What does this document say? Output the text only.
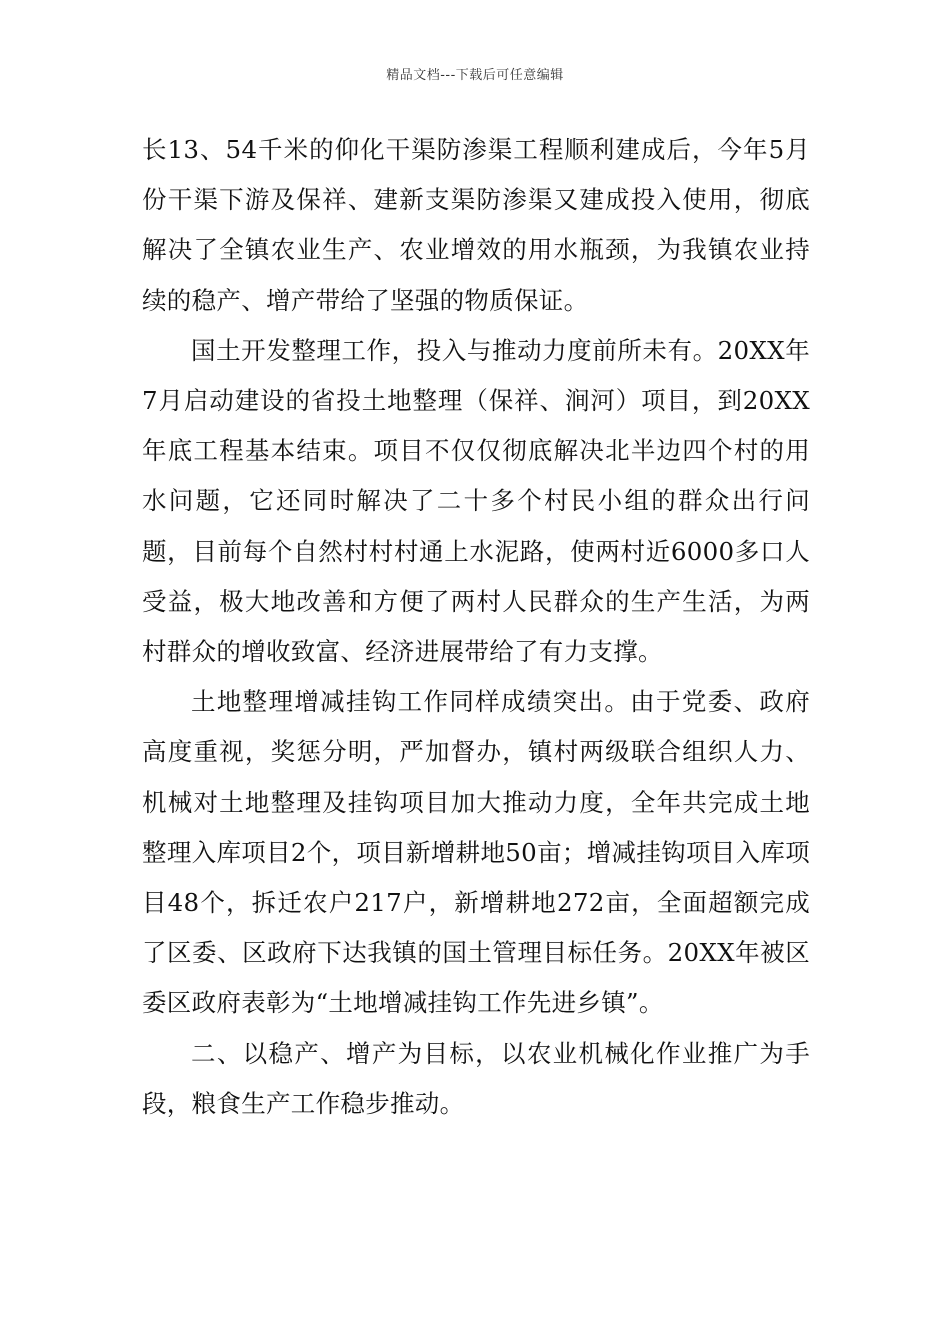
精品文档---下载后可任意编辑

长13、54千米的仰化干渠防渗渠工程顺利建成后，今年5月份干渠下游及保祥、建新支渠防渗渠又建成投入使用，彻底解决了全镇农业生产、农业增效的用水瓶颈，为我镇农业持续的稳产、增产带给了坚强的物质保证。

国土开发整理工作，投入与推动力度前所未有。20XX年7月启动建设的省投土地整理（保祥、涧河）项目，到20XX年底工程基本结束。项目不仅仅彻底解决北半边四个村的用水问题，它还同时解决了二十多个村民小组的群众出行问题，目前每个自然村村村通上水泥路，使两村近6000多口人受益，极大地改善和方便了两村人民群众的生产生活，为两村群众的增收致富、经济进展带给了有力支撑。

土地整理增减挂钩工作同样成绩突出。由于党委、政府高度重视，奖惩分明，严加督办，镇村两级联合组织人力、机械对土地整理及挂钩项目加大推动力度，全年共完成土地整理入库项目2个，项目新增耕地50亩；增减挂钩项目入库项目48个，拆迁农户217户，新增耕地272亩，全面超额完成了区委、区政府下达我镇的国土管理目标任务。20XX年被区委区政府表彰为“土地增减挂钩工作先进乡镇”。

二、以稳产、增产为目标，以农业机械化作业推广为手段，粮食生产工作稳步推动。
